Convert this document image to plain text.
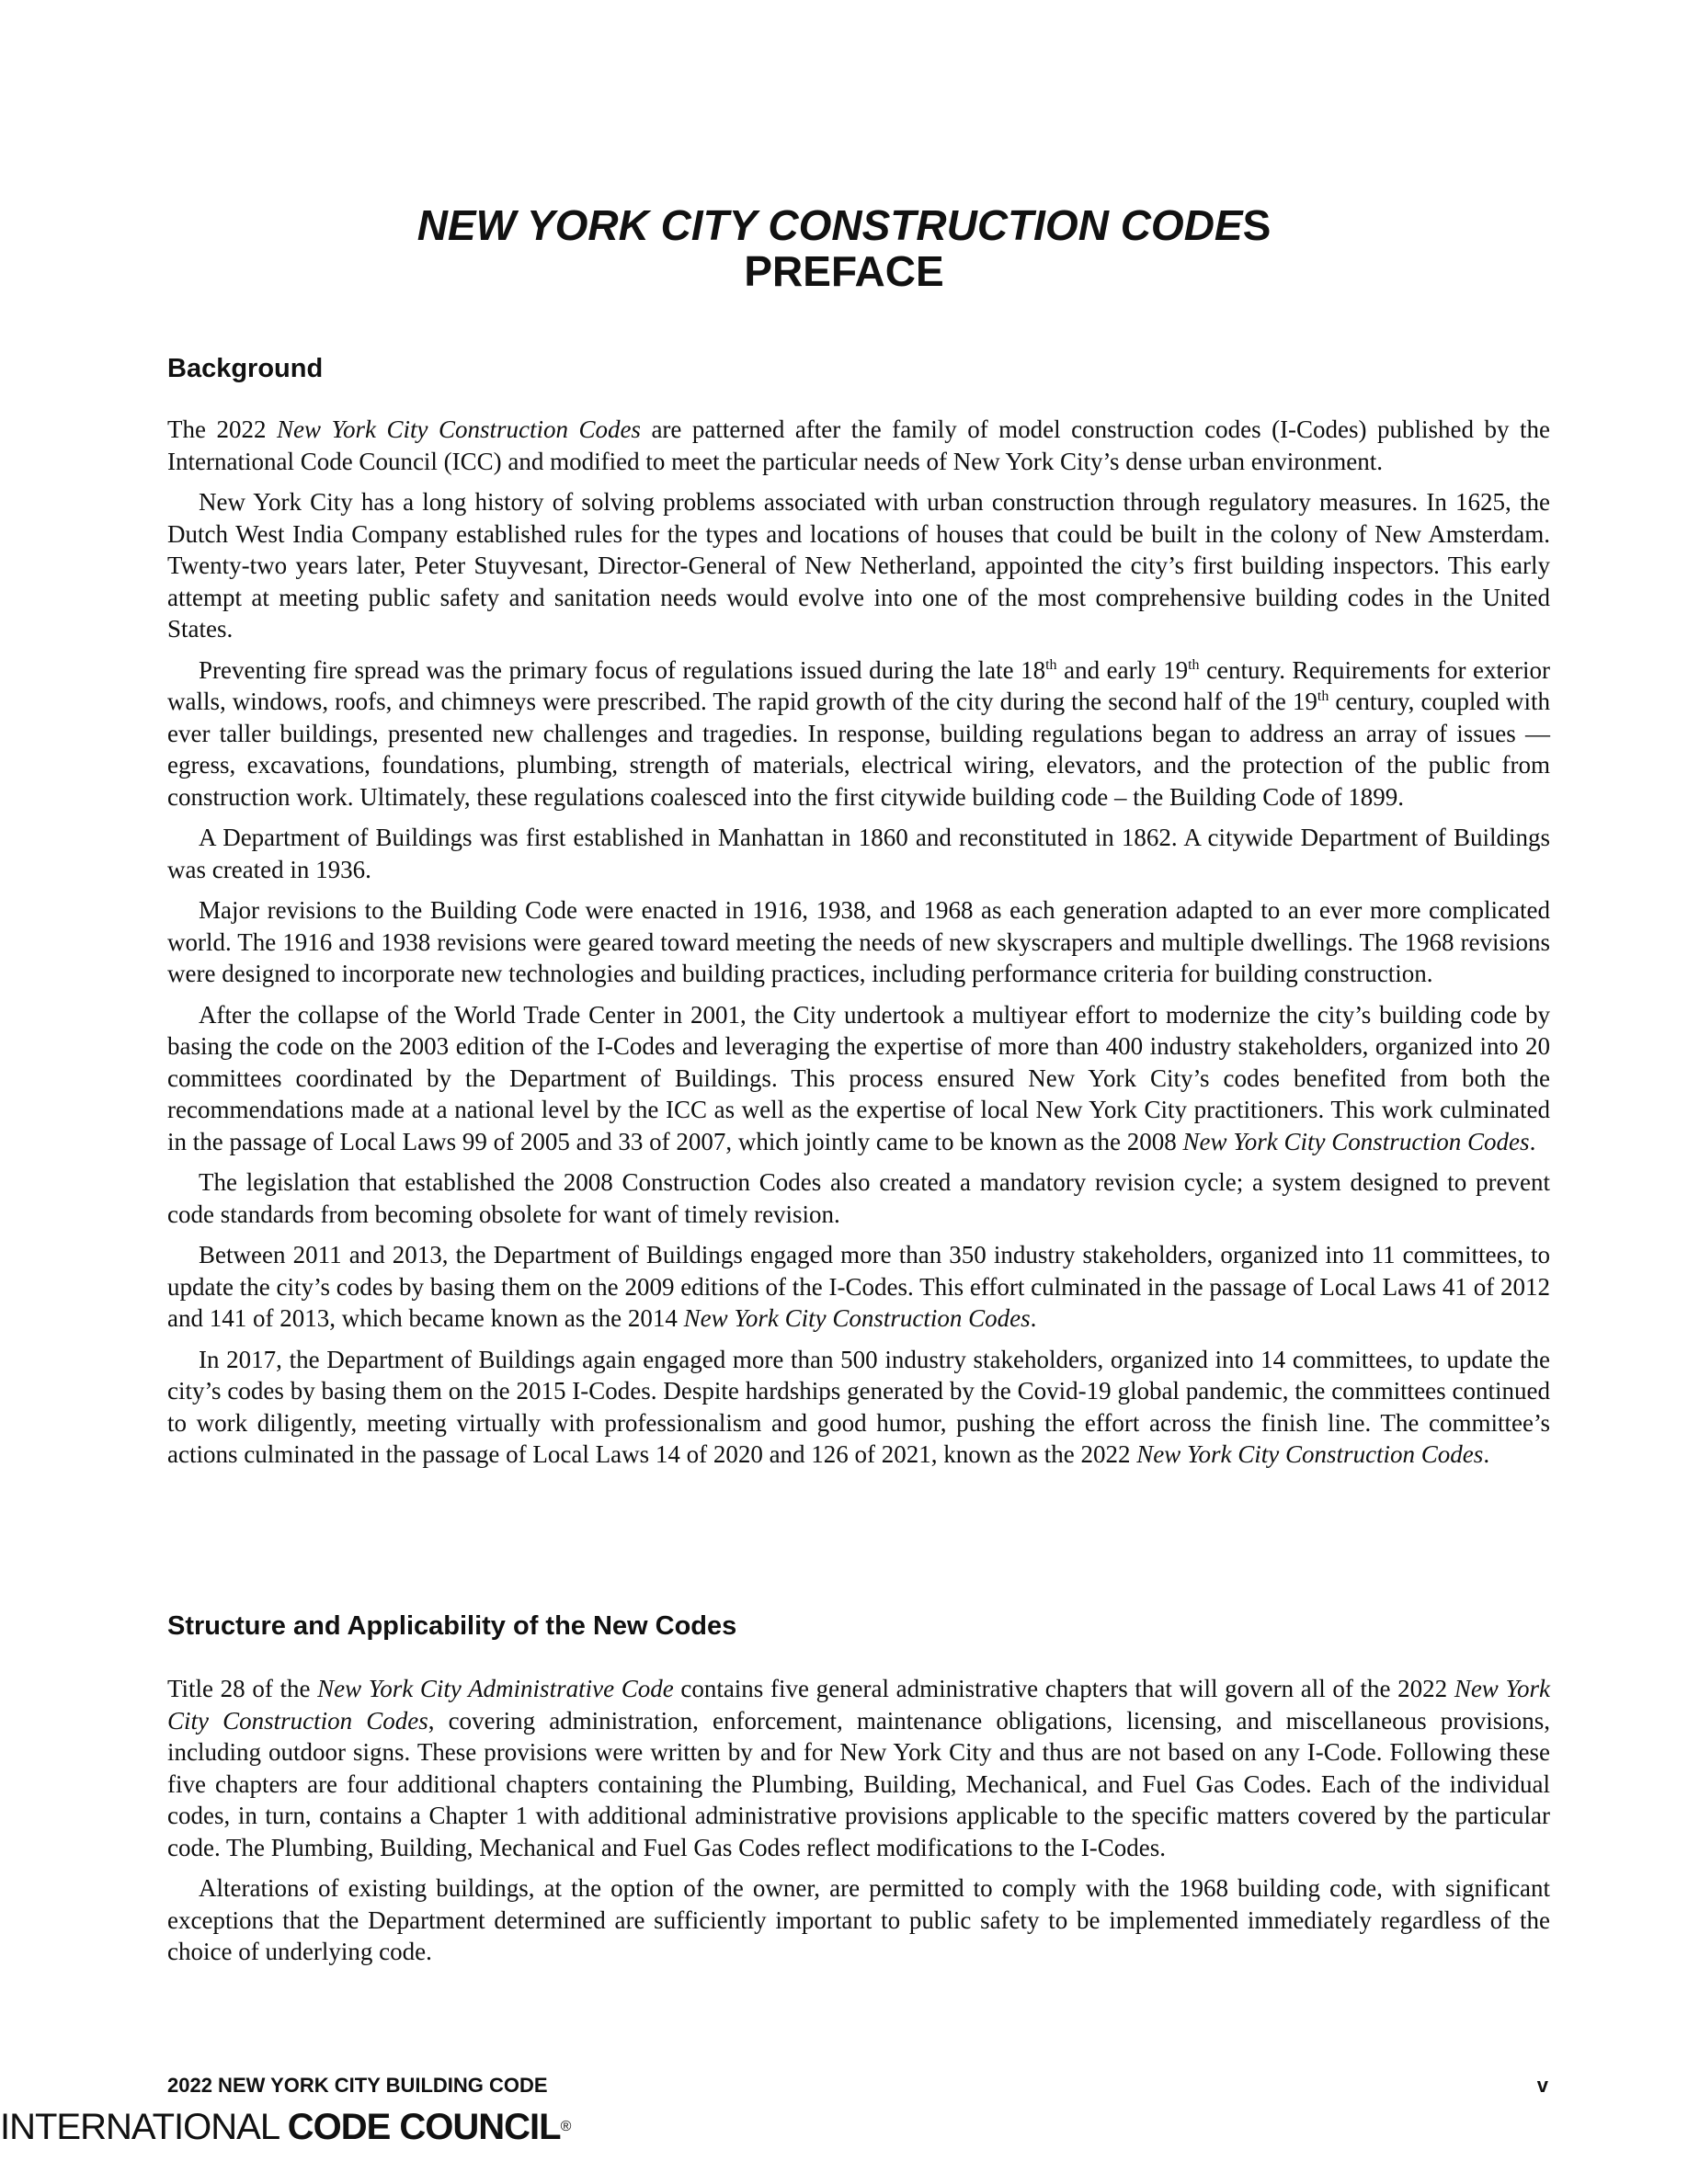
NEW YORK CITY CONSTRUCTION CODES
PREFACE
Background

The 2022 New York City Construction Codes are patterned after the family of model construction codes (I-Codes) published by the International Code Council (ICC) and modified to meet the particular needs of New York City’s dense urban environment.

New York City has a long history of solving problems associated with urban construction through regulatory measures. In 1625, the Dutch West India Company established rules for the types and locations of houses that could be built in the colony of New Amsterdam. Twenty-two years later, Peter Stuyvesant, Director-General of New Netherland, appointed the city’s first building inspectors. This early attempt at meeting public safety and sanitation needs would evolve into one of the most comprehensive building codes in the United States.

Preventing fire spread was the primary focus of regulations issued during the late 18th and early 19th century. Requirements for exterior walls, windows, roofs, and chimneys were prescribed. The rapid growth of the city during the second half of the 19th century, coupled with ever taller buildings, presented new challenges and tragedies. In response, building regulations began to address an array of issues — egress, excavations, foundations, plumbing, strength of materials, electrical wiring, elevators, and the protection of the public from construction work. Ultimately, these regulations coalesced into the first citywide building code – the Building Code of 1899.

A Department of Buildings was first established in Manhattan in 1860 and reconstituted in 1862. A citywide Department of Buildings was created in 1936.

Major revisions to the Building Code were enacted in 1916, 1938, and 1968 as each generation adapted to an ever more complicated world. The 1916 and 1938 revisions were geared toward meeting the needs of new skyscrapers and multiple dwellings. The 1968 revisions were designed to incorporate new technologies and building practices, including performance criteria for building construction.

After the collapse of the World Trade Center in 2001, the City undertook a multiyear effort to modernize the city’s building code by basing the code on the 2003 edition of the I-Codes and leveraging the expertise of more than 400 industry stakeholders, organized into 20 committees coordinated by the Department of Buildings. This process ensured New York City’s codes benefited from both the recommendations made at a national level by the ICC as well as the expertise of local New York City practitioners. This work culminated in the passage of Local Laws 99 of 2005 and 33 of 2007, which jointly came to be known as the 2008 New York City Construction Codes.

The legislation that established the 2008 Construction Codes also created a mandatory revision cycle; a system designed to prevent code standards from becoming obsolete for want of timely revision.

Between 2011 and 2013, the Department of Buildings engaged more than 350 industry stakeholders, organized into 11 committees, to update the city’s codes by basing them on the 2009 editions of the I-Codes. This effort culminated in the passage of Local Laws 41 of 2012 and 141 of 2013, which became known as the 2014 New York City Construction Codes.

In 2017, the Department of Buildings again engaged more than 500 industry stakeholders, organized into 14 committees, to update the city’s codes by basing them on the 2015 I-Codes. Despite hardships generated by the Covid-19 global pandemic, the committees continued to work diligently, meeting virtually with professionalism and good humor, pushing the effort across the finish line. The committee’s actions culminated in the passage of Local Laws 14 of 2020 and 126 of 2021, known as the 2022 New York City Construction Codes.

Structure and Applicability of the New Codes

Title 28 of the New York City Administrative Code contains five general administrative chapters that will govern all of the 2022 New York City Construction Codes, covering administration, enforcement, maintenance obligations, licensing, and miscellaneous provisions, including outdoor signs. These provisions were written by and for New York City and thus are not based on any I-Code. Following these five chapters are four additional chapters containing the Plumbing, Building, Mechanical, and Fuel Gas Codes. Each of the individual codes, in turn, contains a Chapter 1 with additional administrative provisions applicable to the specific matters covered by the particular code. The Plumbing, Building, Mechanical and Fuel Gas Codes reflect modifications to the I-Codes.

Alterations of existing buildings, at the option of the owner, are permitted to comply with the 1968 building code, with significant exceptions that the Department determined are sufficiently important to public safety to be implemented immediately regardless of the choice of underlying code.

2022 NEW YORK CITY BUILDING CODE	v
INTERNATIONAL CODE COUNCIL®
